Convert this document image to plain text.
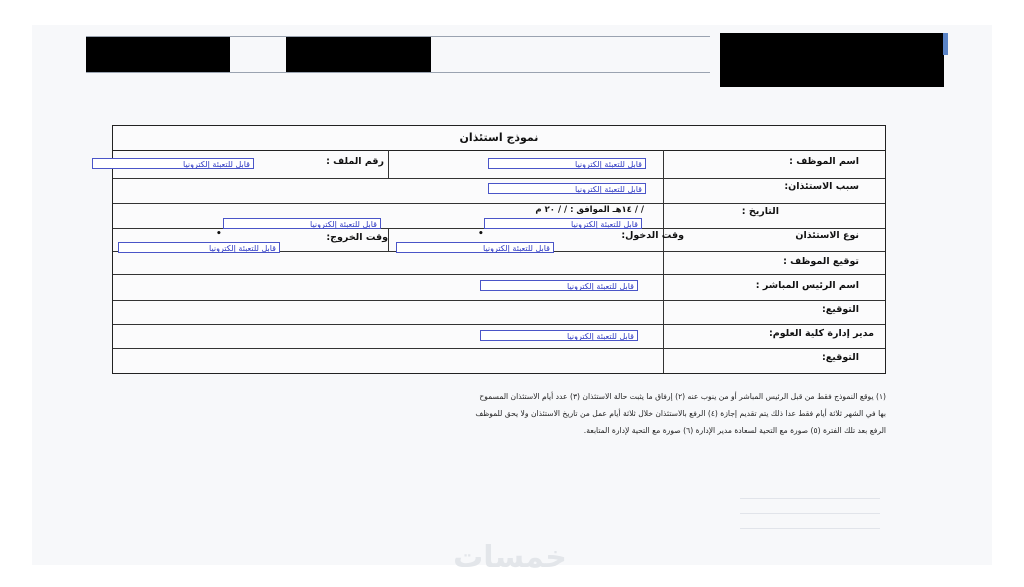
نموذج استئذان
اسم الموظف :
قابل للتعبئة إلكترونيا
رقم الملف :
قابل للتعبئة إلكترونيا
سبب الاستئذان:
قابل للتعبئة إلكترونيا
التاريخ :
/ / ١٤هـ الموافق : / / ٢٠ م
قابل للتعبئة إلكترونيا
قابل للتعبئة إلكترونيا
نوع الاستئذان
وقت الدخول:
•
قابل للتعبئة إلكترونيا
وقت الخروج:
•
قابل للتعبئة إلكترونيا
توقيع الموظف :
اسم الرئيس المباشر :
قابل للتعبئة إلكترونيا
التوقيع:
مدير إدارة كلية العلوم:
قابل للتعبئة إلكترونيا
التوقيع:
(١) يوقع النموذج فقط من قبل الرئيس المباشر أو من ينوب عنه (٢) إرفاق ما يثبت حالة الاستئذان (٣) عدد أيام الاستئذان المسموح
بها في الشهر ثلاثة أيام فقط عدا ذلك يتم تقديم إجازة (٤) الرفع بالاستئذان خلال ثلاثة أيام عمل من تاريخ الاستئذان ولا يحق للموظف
الرفع بعد تلك الفترة (٥) صورة مع التحية لسعادة مدير الإدارة (٦) صورة مع التحية لإدارة المتابعة.
خمسات
